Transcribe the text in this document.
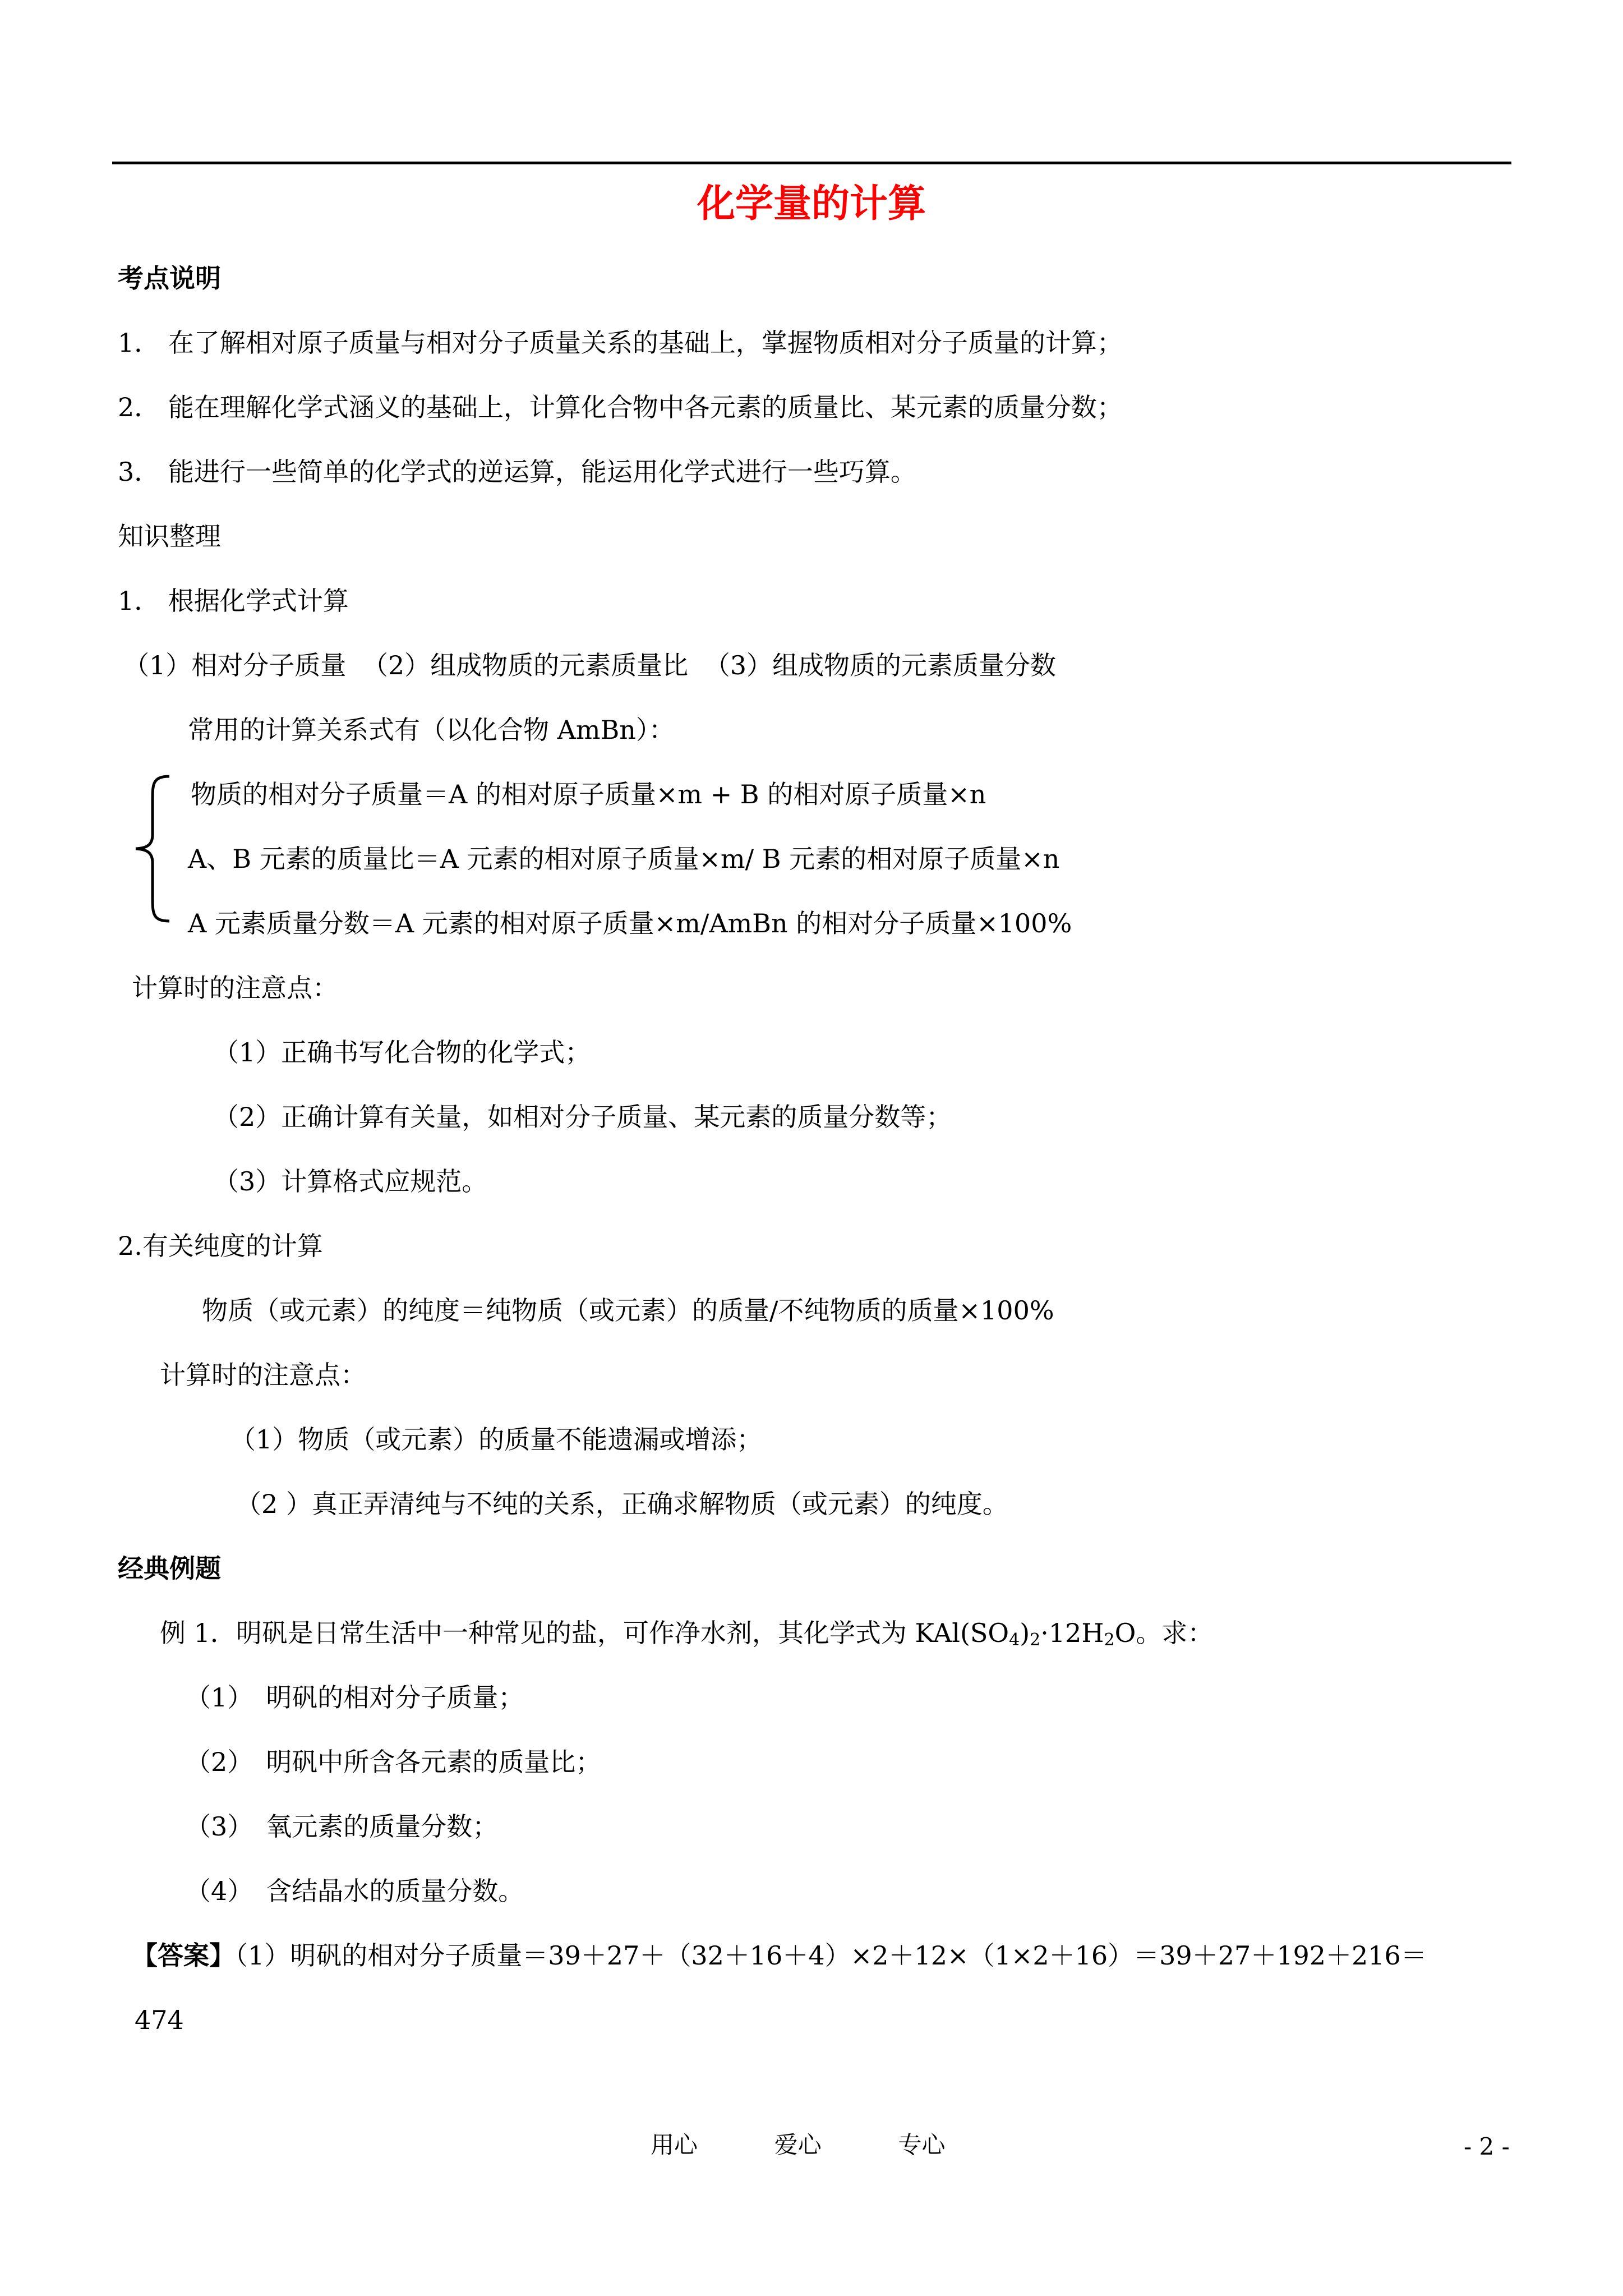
化学量的计算
考点说明
1． 在了解相对原子质量与相对分子质量关系的基础上，掌握物质相对分子质量的计算；
2． 能在理解化学式涵义的基础上，计算化合物中各元素的质量比、某元素的质量分数；
3． 能进行一些简单的化学式的逆运算，能运用化学式进行一些巧算。
知识整理
1． 根据化学式计算
（1）相对分子质量 （2）组成物质的元素质量比 （3）组成物质的元素质量分数
常用的计算关系式有（以化合物 AmBn）：
物质的相对分子质量＝A 的相对原子质量×m + B 的相对原子质量×n
A、B 元素的质量比＝A 元素的相对原子质量×m/ B 元素的相对原子质量×n
A 元素质量分数＝A 元素的相对原子质量×m/AmBn 的相对分子质量×100%
计算时的注意点：
（1）正确书写化合物的化学式；
（2）正确计算有关量，如相对分子质量、某元素的质量分数等；
（3）计算格式应规范。
2.有关纯度的计算
物质（或元素）的纯度＝纯物质（或元素）的质量/不纯物质的质量×100%
计算时的注意点：
（1）物质（或元素）的质量不能遗漏或增添；
（2 ）真正弄清纯与不纯的关系，正确求解物质（或元素）的纯度。
经典例题
例 1．明矾是日常生活中一种常见的盐，可作净水剂，其化学式为 $KAl(SO_4)_2\cdot 12H_2O$。求：
（1）　明矾的相对分子质量；
（2）　明矾中所含各元素的质量比；
（3）　氧元素的质量分数；
（4）　含结晶水的质量分数。
【答案】（1）明矾的相对分子质量＝39＋27＋（32＋16＋4）×2＋12×（1×2＋16）＝39＋27＋192＋216＝
474
用心	爱心	专心	- 2 -
